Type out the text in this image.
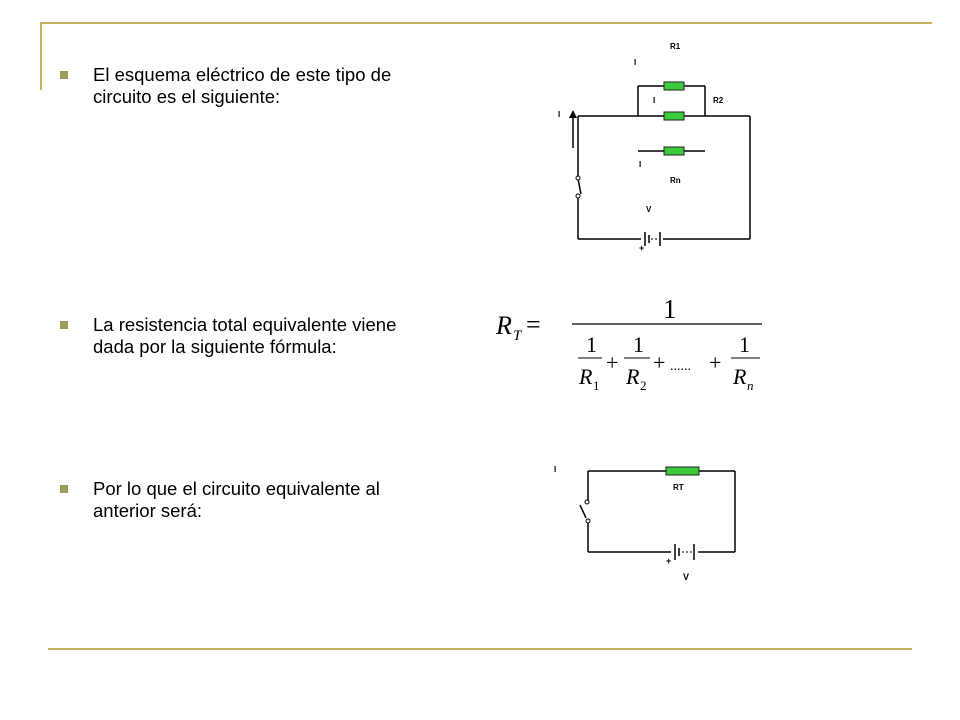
El esquema eléctrico de este tipo de circuito es el siguiente:
La resistencia total equivalente viene dada por la siguiente fórmula:
Por lo que el circuito equivalente al anterior será:
R1
R2
Rn
I
I
I
I
V
+
R T =
1
1
R 1
+
1
R 2
+ ...... +
1
R n
RT
I
+
V
